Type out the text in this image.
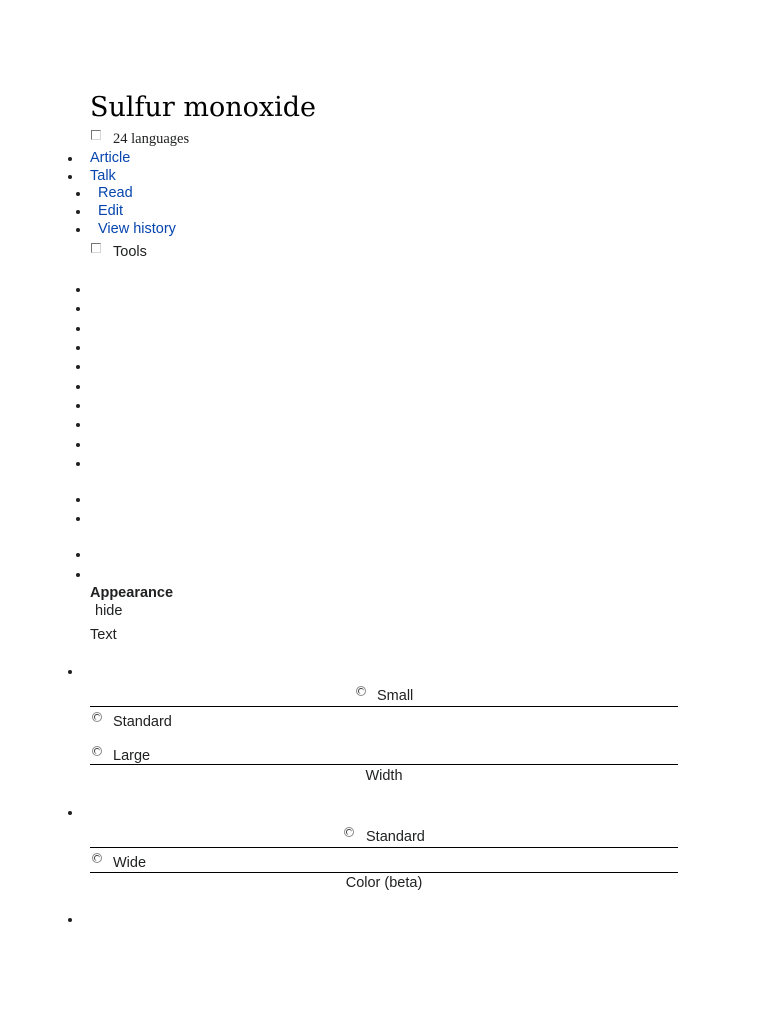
Sulfur monoxide
24 languages
Article
Talk
Read
Edit
View history
Tools
Appearance
hide
Text
Small
Standard
Large
Width
Standard
Wide
Color (beta)
